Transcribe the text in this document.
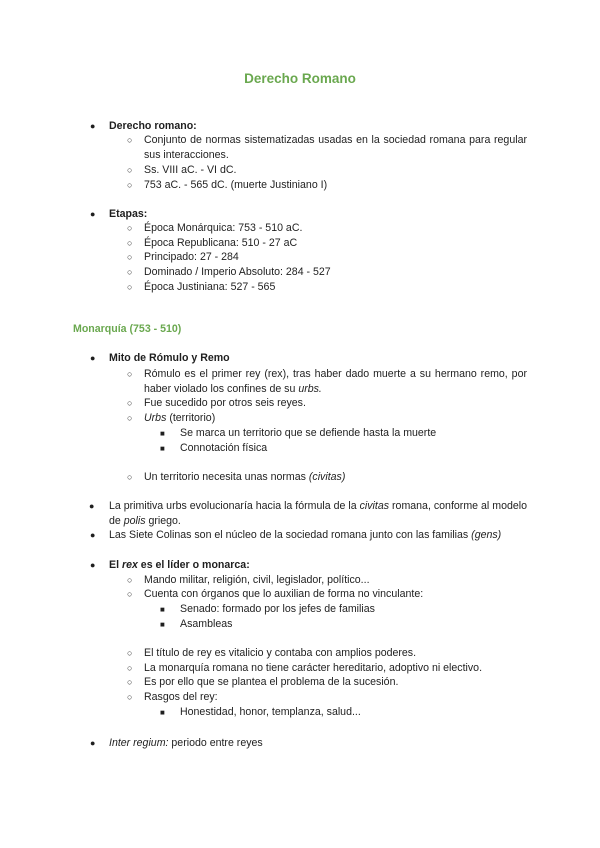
Derecho Romano
● Derecho romano:
○	Conjunto de normas sistematizadas usadas en la sociedad romana para regular sus interacciones.
○ Ss. VIII aC. - VI dC.
○ 753 aC. - 565 dC. (muerte Justiniano I)
● Etapas:
○ Época Monárquica: 753 - 510 aC.
○ Época Republicana: 510 - 27 aC
○ Principado: 27 - 284
○ Dominado / Imperio Absoluto: 284 - 527
○ Época Justiniana: 527 - 565
Monarquía (753 - 510)
● Mito de Rómulo y Remo
○	Rómulo es el primer rey (rex), tras haber dado muerte a su hermano remo, por haber violado los confines de su urbs.
○ Fue sucedido por otros seis reyes.
○ Urbs (territorio)
■ Se marca un territorio que se defiende hasta la muerte
■ Connotación física
○ Un territorio necesita unas normas (civitas)
●	La primitiva urbs evolucionaría hacia la fórmula de la civitas romana, conforme al modelo de polis griego.
● Las Siete Colinas son el núcleo de la sociedad romana junto con las familias (gens)
● El rex es el líder o monarca:
○ Mando militar, religión, civil, legislador, político...
○ Cuenta con órganos que lo auxilian de forma no vinculante:
■ Senado: formado por los jefes de familias
■ Asambleas
○ El título de rey es vitalicio y contaba con amplios poderes.
○ La monarquía romana no tiene carácter hereditario, adoptivo ni electivo.
○ Es por ello que se plantea el problema de la sucesión.
○ Rasgos del rey:
■ Honestidad, honor, templanza, salud...
● Inter regium: periodo entre reyes
